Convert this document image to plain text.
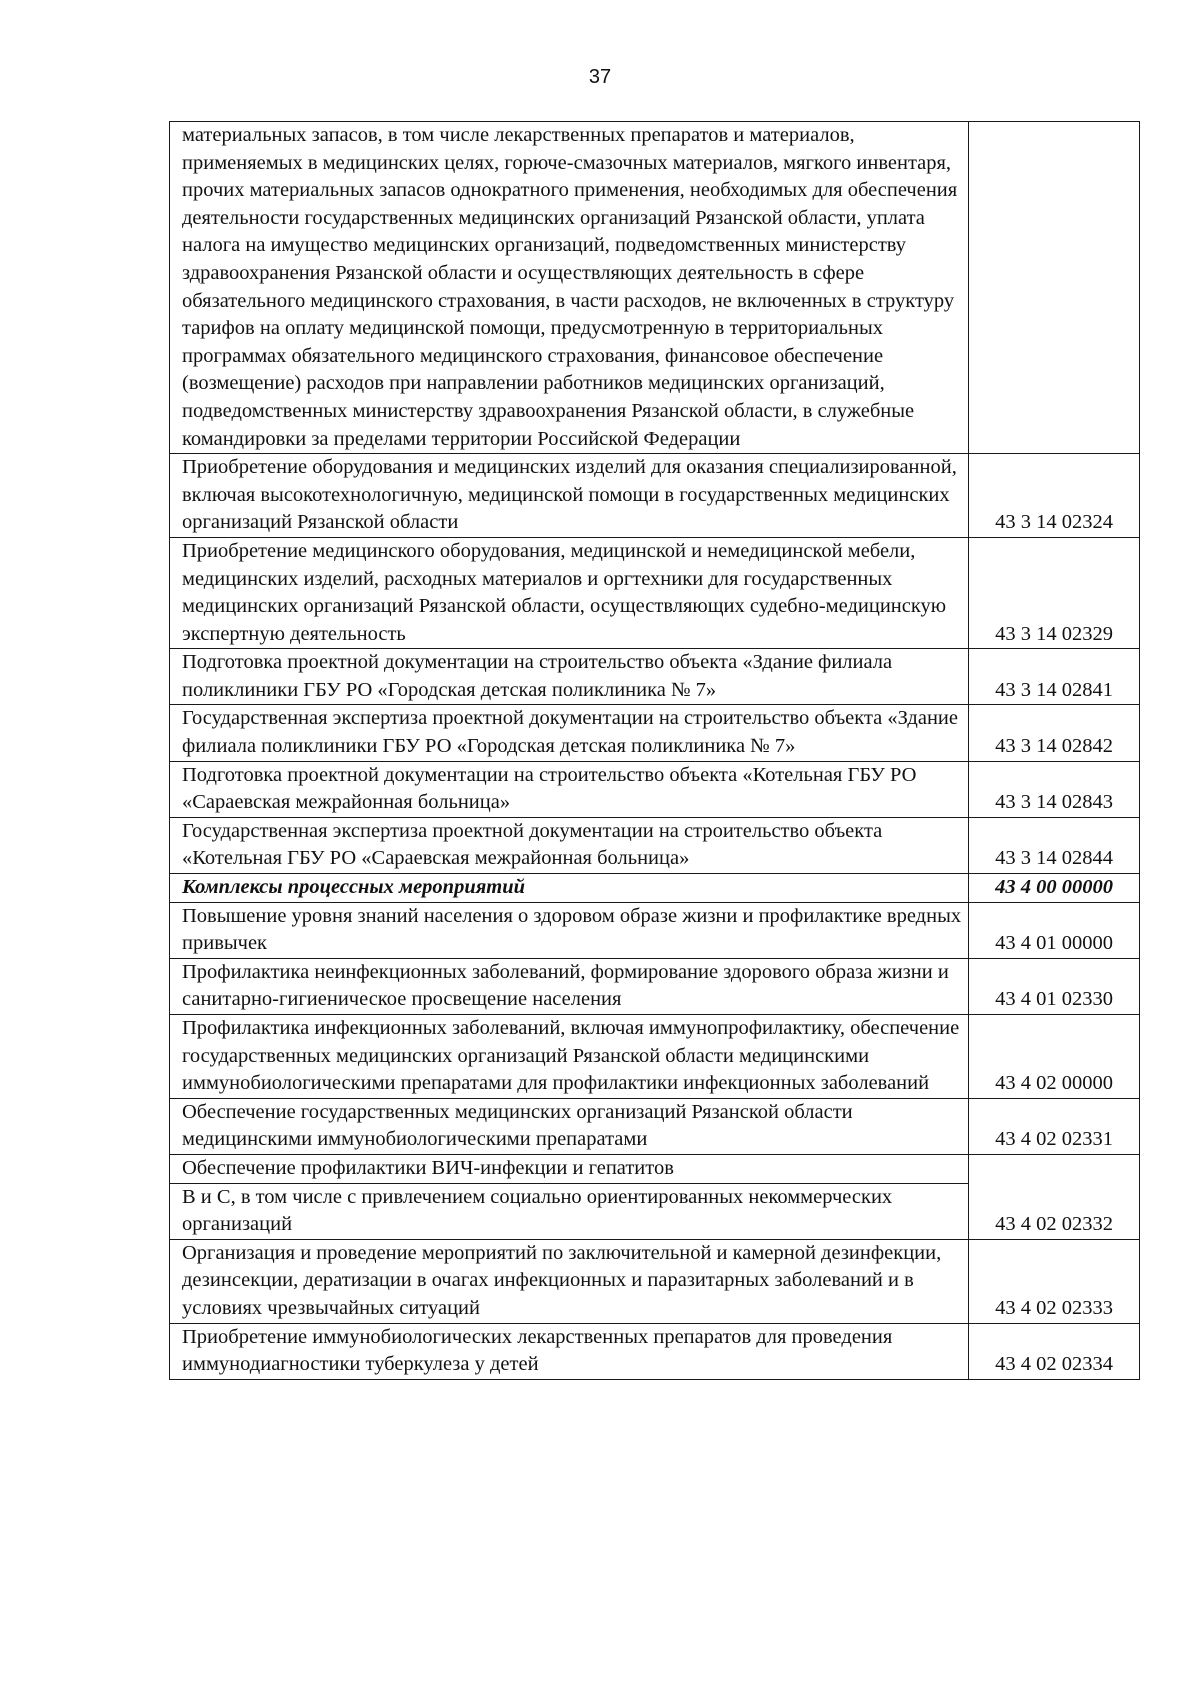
37
материальных запасов, в том числе лекарственных препаратов и материалов, применяемых в медицинских целях, горюче-смазочных материалов, мягкого инвентаря, прочих материальных запасов однократного применения, необходимых для обеспечения деятельности государственных медицинских организаций Рязанской области, уплата налога на имущество медицинских организаций, подведомственных министерству здравоохранения Рязанской области и осуществляющих деятельность в сфере обязательного медицинского страхования, в части расходов, не включенных в структуру тарифов на оплату медицинской помощи, предусмотренную в территориальных программах обязательного медицинского страхования, финансовое обеспечение (возмещение) расходов при направлении работников медицинских организаций, подведомственных министерству здравоохранения Рязанской области, в служебные командировки за пределами территории Российской Федерации	
Приобретение оборудования и медицинских изделий для оказания специализированной, включая высокотехнологичную, медицинской помощи в государственных медицинских организаций Рязанской области	43 3 14 02324
Приобретение медицинского оборудования, медицинской и немедицинской мебели, медицинских изделий, расходных материалов и оргтехники для государственных медицинских организаций Рязанской области, осуществляющих судебно-медицинскую экспертную деятельность	43 3 14 02329
Подготовка проектной документации на строительство объекта «Здание филиала поликлиники ГБУ РО «Городская детская поликлиника № 7»	43 3 14 02841
Государственная экспертиза проектной документации на строительство объекта «Здание филиала поликлиники ГБУ РО «Городская детская поликлиника № 7»	43 3 14 02842
Подготовка проектной документации на строительство объекта «Котельная ГБУ РО «Сараевская межрайонная больница»	43 3 14 02843
Государственная экспертиза проектной документации на строительство объекта «Котельная ГБУ РО «Сараевская межрайонная больница»	43 3 14 02844
Комплексы процессных мероприятий	43 4 00 00000
Повышение уровня знаний населения о здоровом образе жизни и профилактике вредных привычек	43 4 01 00000
Профилактика неинфекционных заболеваний, формирование здорового образа жизни и санитарно-гигиеническое просвещение населения	43 4 01 02330
Профилактика инфекционных заболеваний, включая иммунопрофилактику, обеспечение государственных медицинских организаций Рязанской области медицинскими иммунобиологическими препаратами для профилактики инфекционных заболеваний	43 4 02 00000
Обеспечение государственных медицинских организаций Рязанской области медицинскими иммунобиологическими препаратами	43 4 02 02331
Обеспечение профилактики ВИЧ-инфекции и гепатитов	
В и С, в том числе с привлечением социально ориентированных некоммерческих организаций	43 4 02 02332
Организация и проведение мероприятий по заключительной и камерной дезинфекции, дезинсекции, дератизации в очагах инфекционных и паразитарных заболеваний и в условиях чрезвычайных ситуаций	43 4 02 02333
Приобретение иммунобиологических лекарственных препаратов для проведения иммунодиагностики туберкулеза у детей	43 4 02 02334
